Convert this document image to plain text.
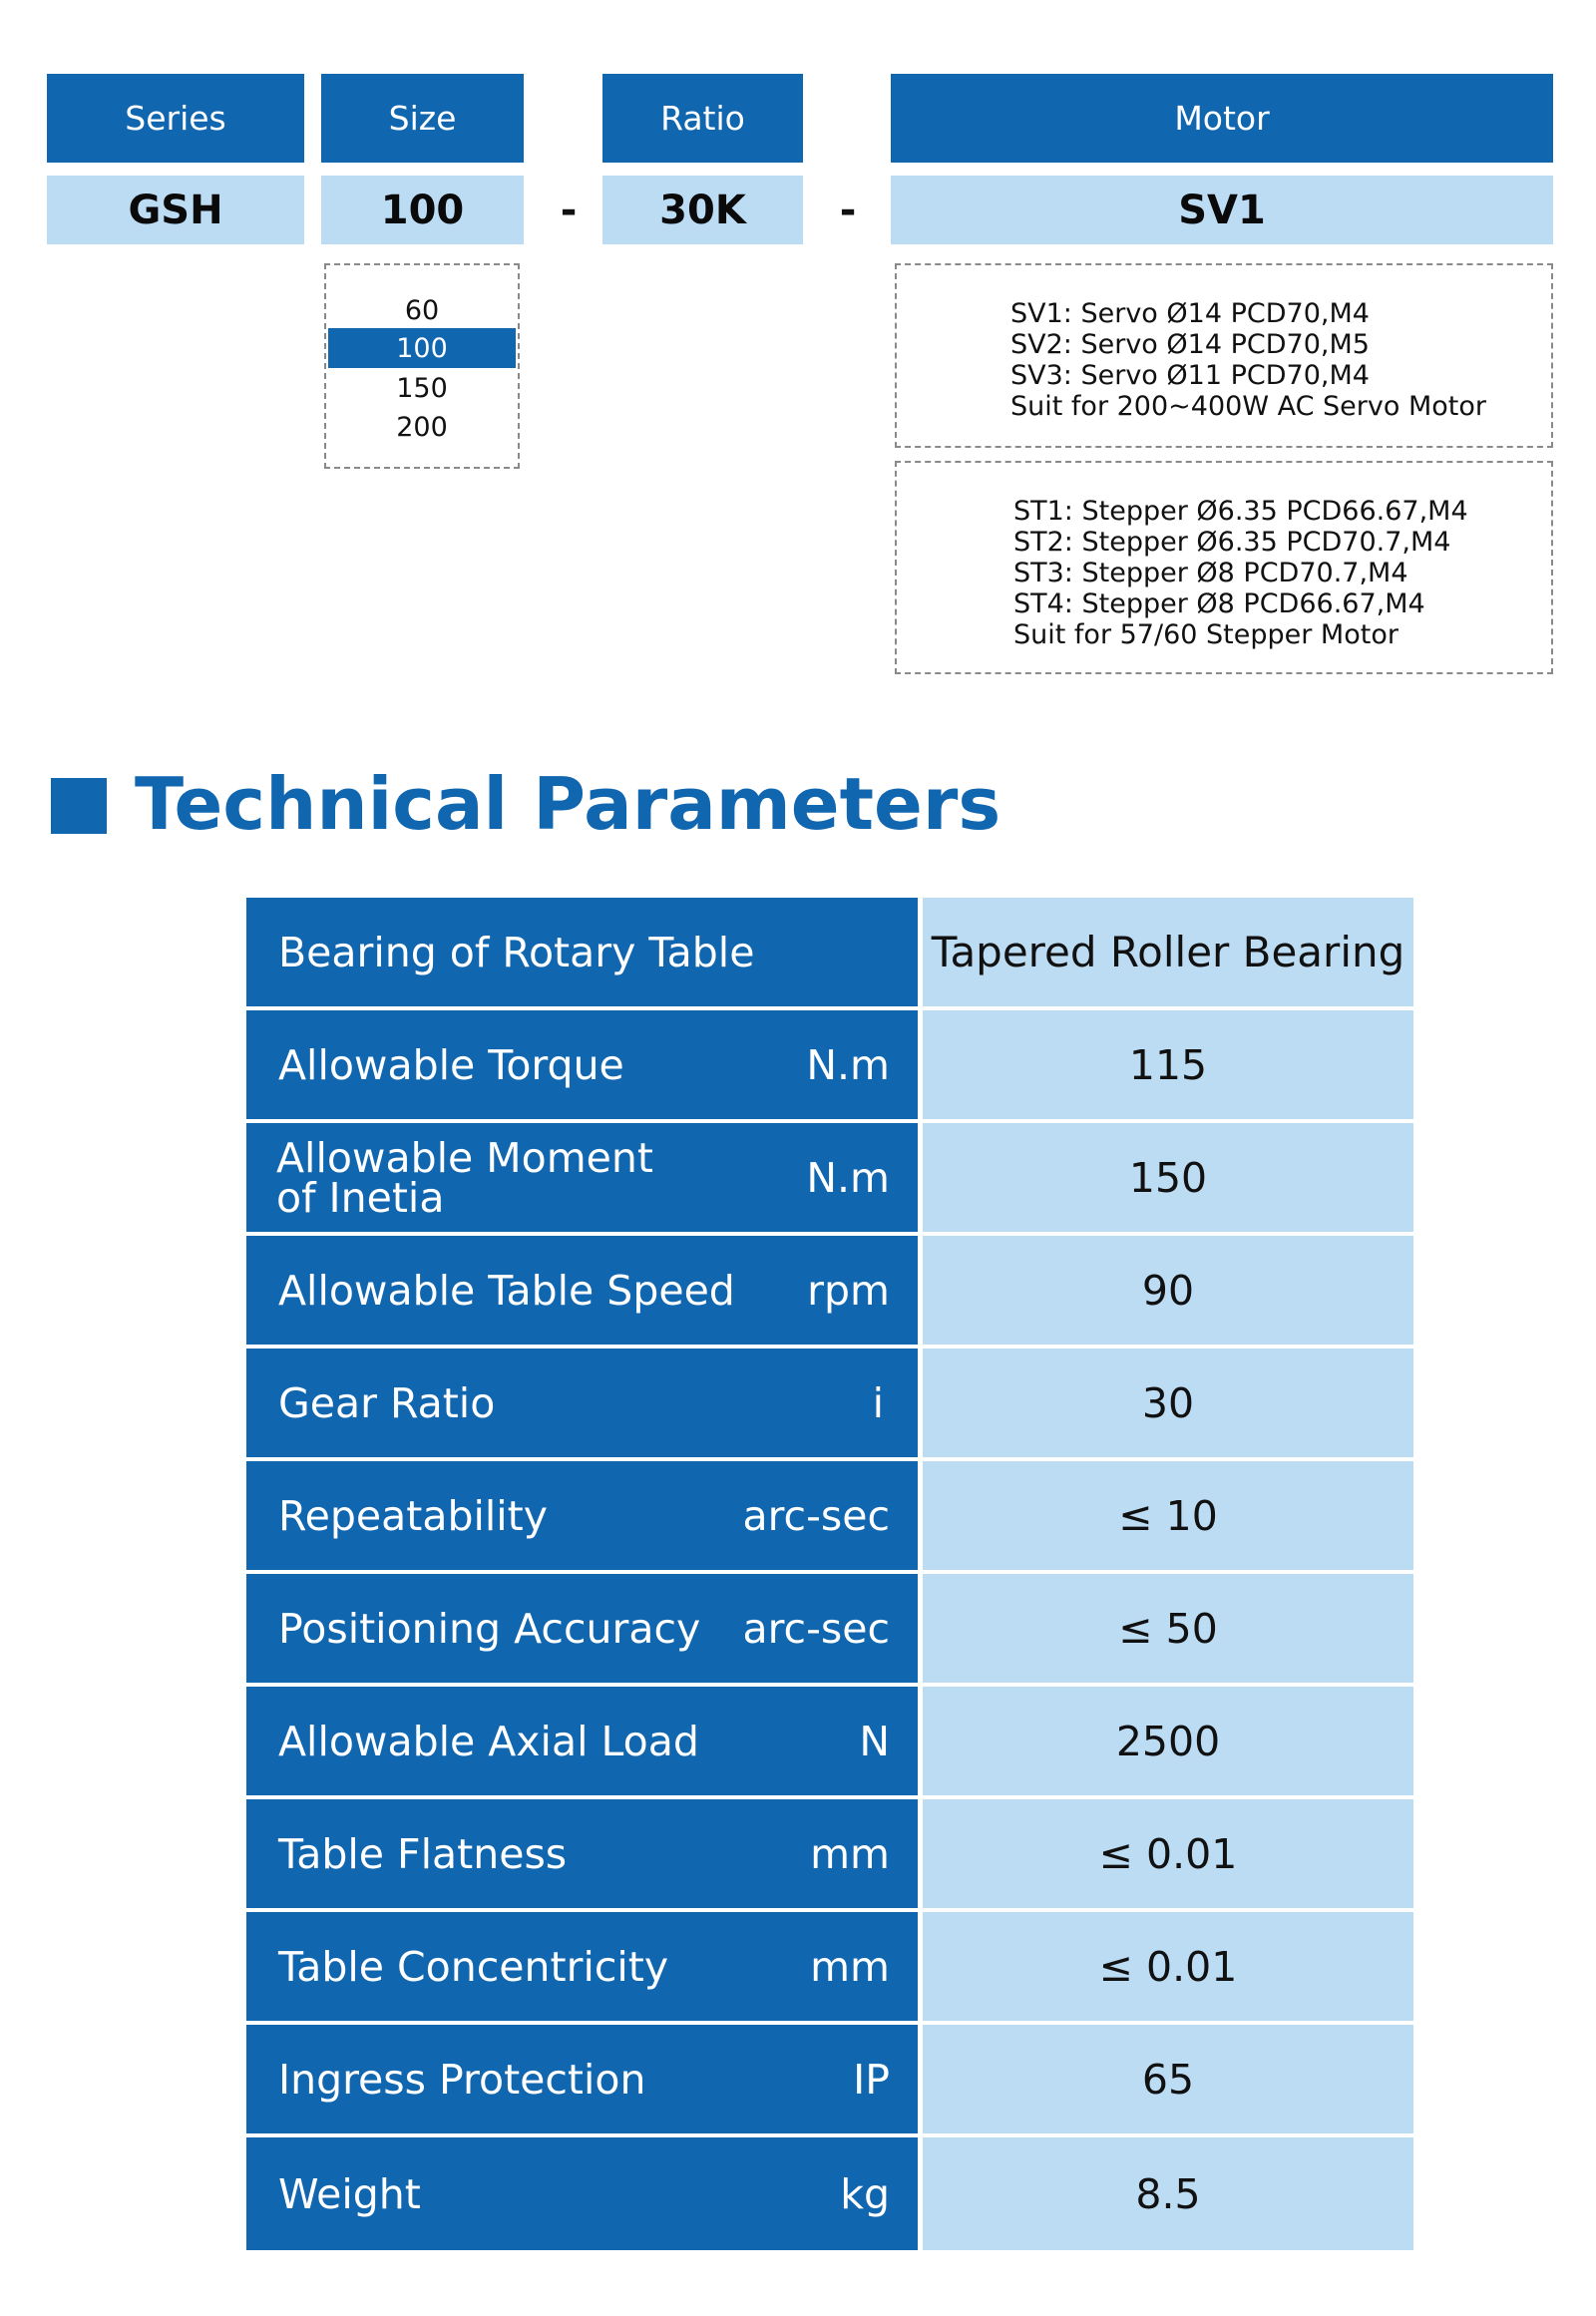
Series	Size	Ratio	Motor
GSH	100	-	30K	-	SV1
60
100
150
200
SV1: Servo Ø14 PCD70,M4
SV2: Servo Ø14 PCD70,M5
SV3: Servo Ø11 PCD70,M4
Suit for 200~400W AC Servo Motor
ST1: Stepper Ø6.35 PCD66.67,M4
ST2: Stepper Ø6.35 PCD70.7,M4
ST3: Stepper Ø8 PCD70.7,M4
ST4: Stepper Ø8 PCD66.67,M4
Suit for 57/60 Stepper Motor
Technical Parameters
Bearing of Rotary Table	Tapered Roller Bearing
Allowable Torque	N.m	115
Allowable Moment
of Inetia	N.m	150
Allowable Table Speed rpm	90
Gear Ratio	i	30
Repeatability	arc-sec	≤ 10
Positioning Accuracy arc-sec	≤ 50
Allowable Axial Load	N	2500
Table Flatness	mm	≤ 0.01
Table Concentricity	mm	≤ 0.01
Ingress Protection	IP	65
Weight	kg	8.5
